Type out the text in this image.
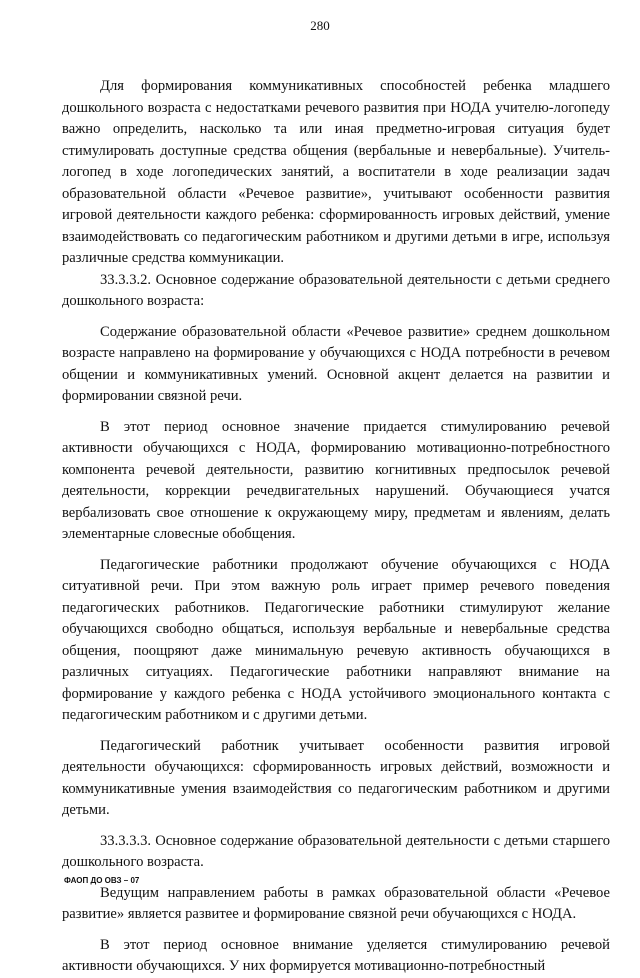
280

Для формирования коммуникативных способностей ребенка младшего дошкольного возраста с недостатками речевого развития при НОДА учителю-логопеду важно определить, насколько та или иная предметно-игровая ситуация будет стимулировать доступные средства общения (вербальные и невербальные). Учитель-логопед в ходе логопедических занятий, а воспитатели в ходе реализации задач образовательной области «Речевое развитие», учитывают особенности развития игровой деятельности каждого ребенка: сформированность игровых действий, умение взаимодействовать со педагогическим работником и другими детьми в игре, используя различные средства коммуникации.

33.3.3.2. Основное содержание образовательной деятельности с детьми среднего дошкольного возраста:

Содержание образовательной области «Речевое развитие» среднем дошкольном возрасте направлено на формирование у обучающихся с НОДА потребности в речевом общении и коммуникативных умений. Основной акцент делается на развитии и формировании связной речи.

В этот период основное значение придается стимулированию речевой активности обучающихся с НОДА, формированию мотивационно-потребностного компонента речевой деятельности, развитию когнитивных предпосылок речевой деятельности, коррекции речедвигательных нарушений. Обучающиеся учатся вербализовать свое отношение к окружающему миру, предметам и явлениям, делать элементарные словесные обобщения.

Педагогические работники продолжают обучение обучающихся с НОДА ситуативной речи. При этом важную роль играет пример речевого поведения педагогических работников. Педагогические работники стимулируют желание обучающихся свободно общаться, используя вербальные и невербальные средства общения, поощряют даже минимальную речевую активность обучающихся в различных ситуациях. Педагогические работники направляют внимание на формирование у каждого ребенка с НОДА устойчивого эмоционального контакта с педагогическим работником и с другими детьми.

Педагогический работник учитывает особенности развития игровой деятельности обучающихся: сформированность игровых действий, возможности и коммуникативные умения взаимодействия со педагогическим работником и другими детьми.

33.3.3.3. Основное содержание образовательной деятельности с детьми старшего дошкольного возраста.

Ведущим направлением работы в рамках образовательной области «Речевое развитие» является развитее и формирование связной речи обучающихся с НОДА.

В этот период основное внимание уделяется стимулированию речевой активности обучающихся. У них формируется мотивационно-потребностный

ФАОП ДО ОВЗ – 07
